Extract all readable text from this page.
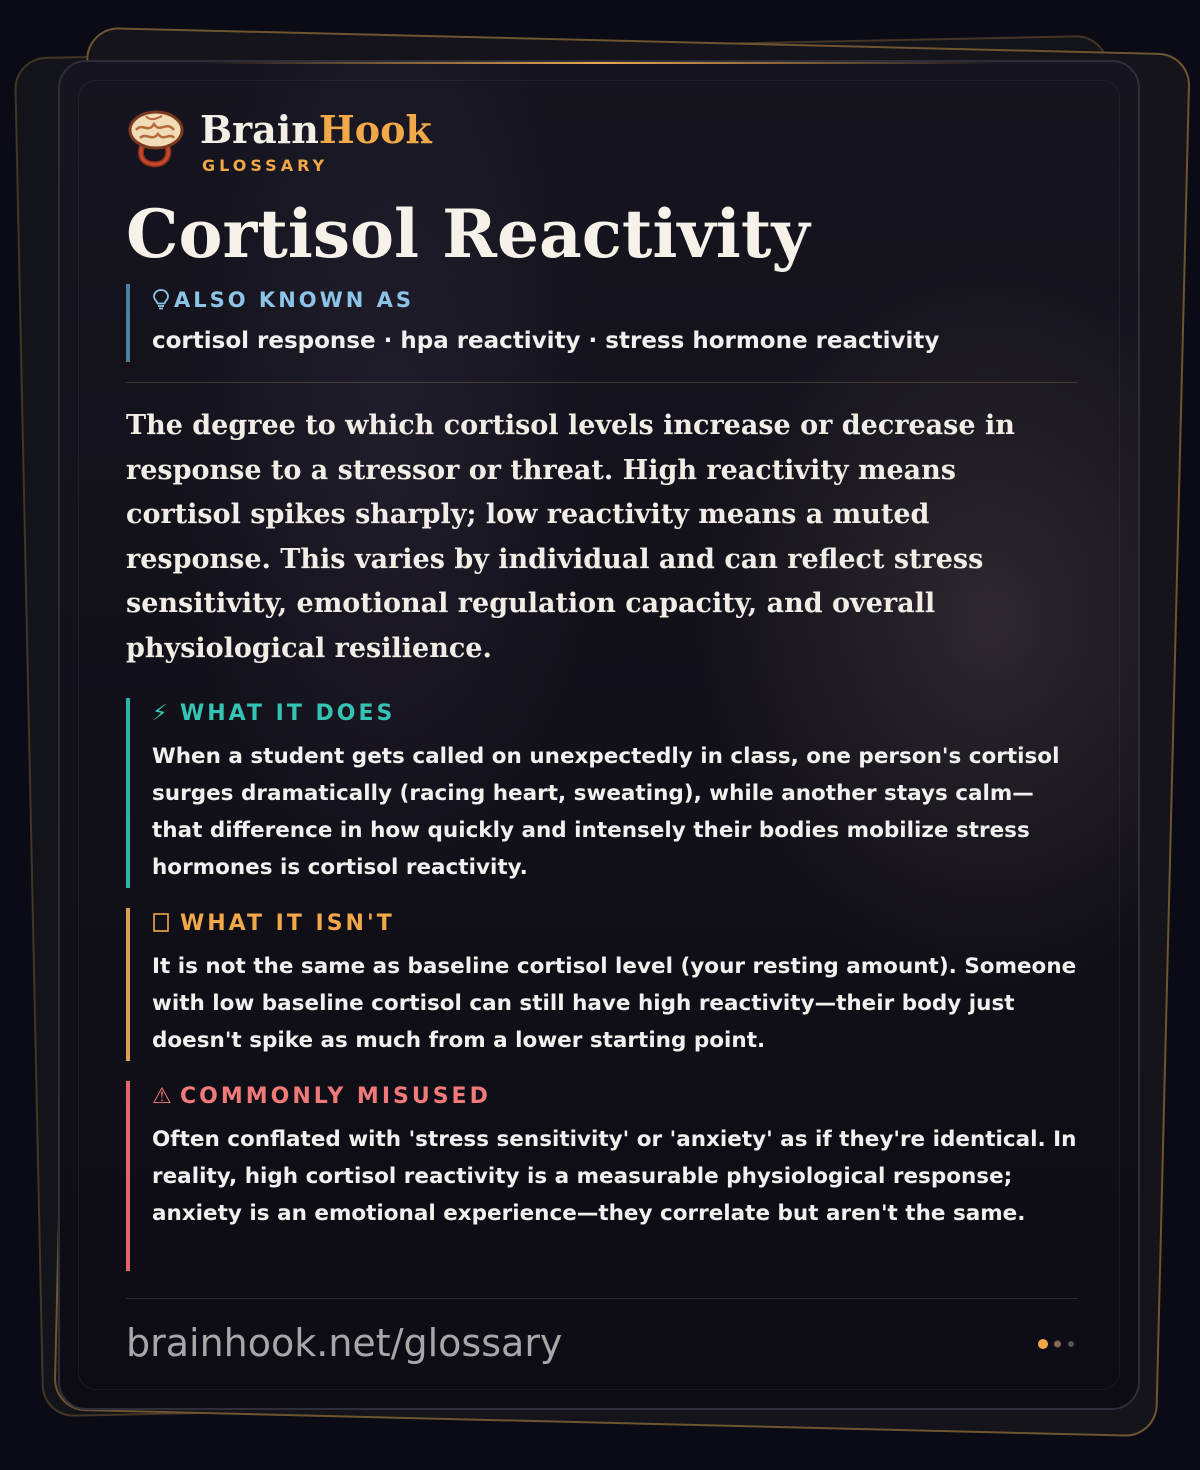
BrainHook
GLOSSARY
Cortisol Reactivity
ALSO KNOWN AS
cortisol response · hpa reactivity · stress hormone reactivity

The degree to which cortisol levels increase or decrease in response to a stressor or threat. High reactivity means cortisol spikes sharply; low reactivity means a muted response. This varies by individual and can reflect stress sensitivity, emotional regulation capacity, and overall physiological resilience.

⚡ WHAT IT DOES
When a student gets called on unexpectedly in class, one person's cortisol surges dramatically (racing heart, sweating), while another stays calm—that difference in how quickly and intensely their bodies mobilize stress hormones is cortisol reactivity.
WHAT IT ISN'T
It is not the same as baseline cortisol level (your resting amount). Someone with low baseline cortisol can still have high reactivity—their body just doesn't spike as much from a lower starting point.
⚠ COMMONLY MISUSED
Often conflated with 'stress sensitivity' or 'anxiety' as if they're identical. In reality, high cortisol reactivity is a measurable physiological response; anxiety is an emotional experience—they correlate but aren't the same.
brainhook.net/glossary
